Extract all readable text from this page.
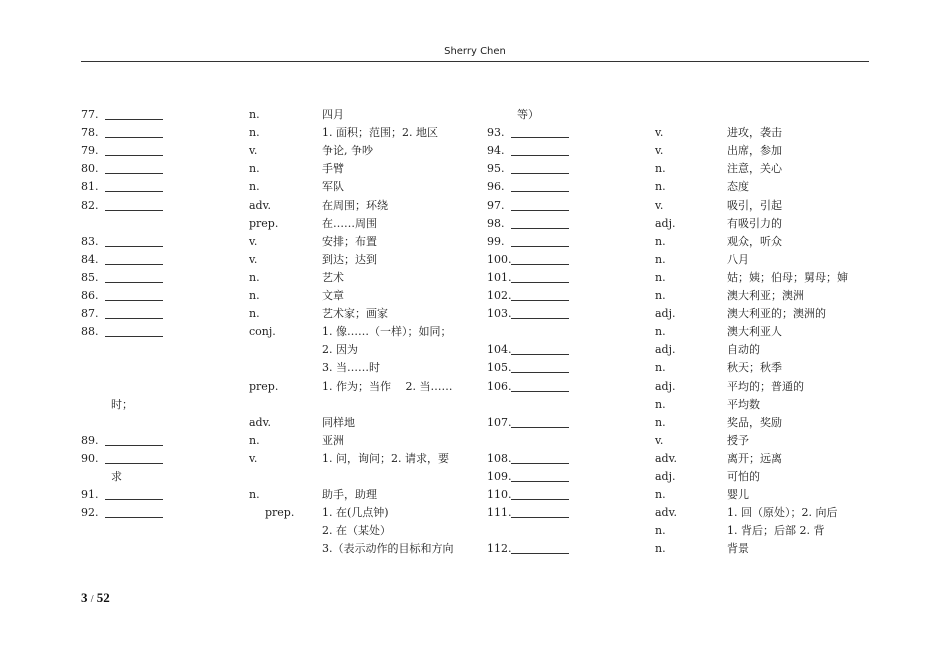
Sherry Chen
77.	n.	四月
78.	n.	1. 面积；范围；2. 地区
79.	v.	争论, 争吵
80.	n.	手臂
81.	n.	军队
82.	adv.	在周围；环绕
prep.	在……周围
83.	v.	安排；布置
84.	v.	到达；达到
85.	n.	艺术
86.	n.	文章
87.	n.	艺术家；画家
88.	conj.	1. 像……（一样）；如同；
2. 因为
3. 当……时
prep.	1. 作为；当作　 2. 当……
时；
adv.	同样地
89.	n.	亚洲
90.	v.	1. 问，询问；2. 请求，要
求
91.	n.	助手，助理
92.	prep.	1. 在(几点钟)
2. 在（某处）
3.（表示动作的目标和方向
等）
93.	v.	进攻，袭击
94.	v.	出席，参加
95.	n.	注意，关心
96.	n.	态度
97.	v.	吸引，引起
98.	adj.	有吸引力的
99.	n.	观众，听众
100.	n.	八月
101.	n.	姑；姨；伯母；舅母；婶
102.	n.	澳大利亚；澳洲
103.	adj.	澳大利亚的；澳洲的
n.	澳大利亚人
104.	adj.	自动的
105.	n.	秋天；秋季
106.	adj.	平均的；普通的
n.	平均数
107.	n.	奖品，奖励
v.	授予
108.	adv.	离开；远离
109.	adj.	可怕的
110.	n.	婴儿
111.	adv.	1. 回（原处）；2. 向后
n.	1. 背后；后部 2. 背
112.	n.	背景
3 / 52
